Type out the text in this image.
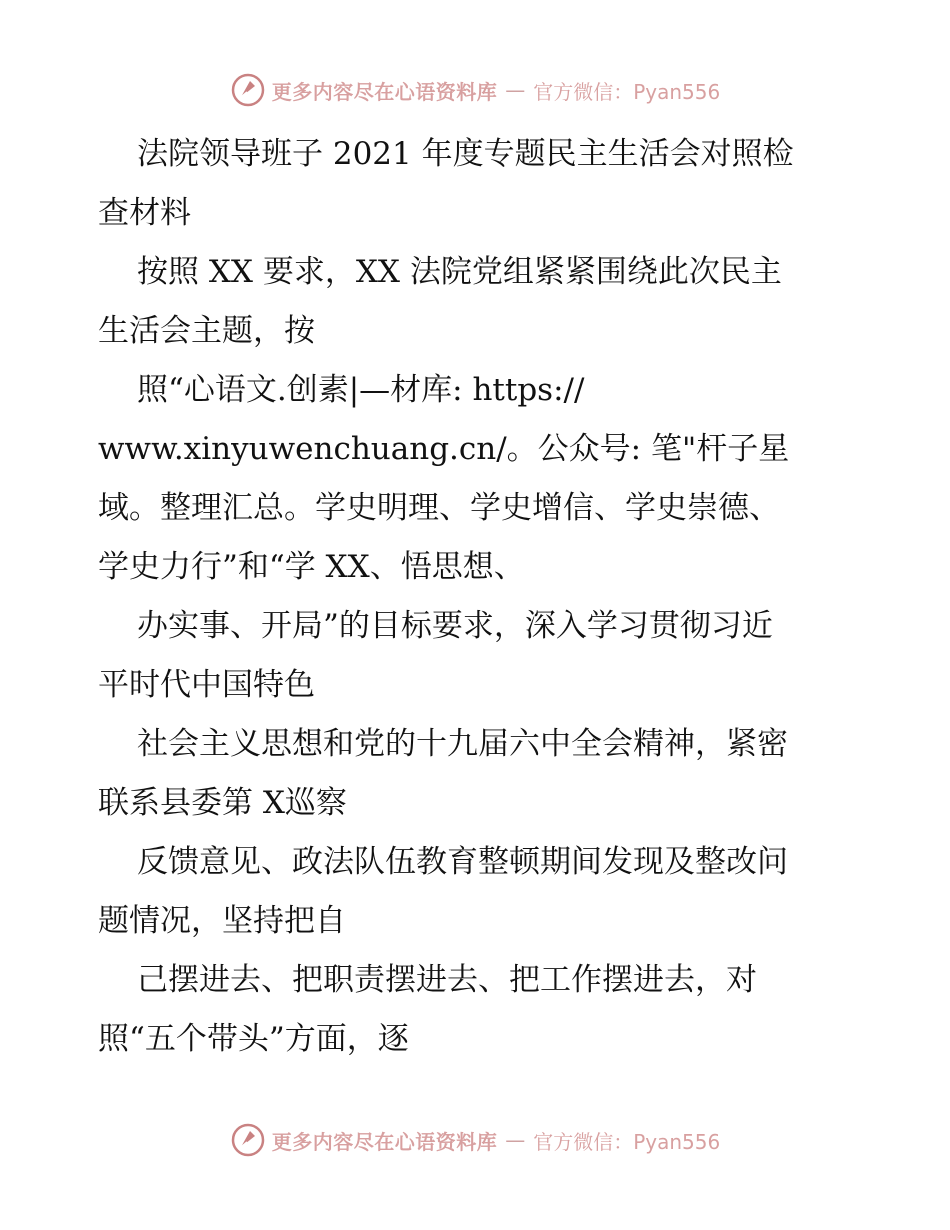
更多内容尽在心语资料库 — 官方微信：Pyan556
法院领导班子 2021 年度专题民主生活会对照检
查材料
按照 XX 要求，XX 法院党组紧紧围绕此次民主
生活会主题，按
照“心语文.创素|—材库: https://
www.xinyuwenchuang.cn/。公众号: 笔"杆子星
域。整理汇总。学史明理、学史增信、学史崇德、
学史力行”和“学 XX、悟思想、
办实事、开局”的目标要求，深入学习贯彻习近
平时代中国特色
社会主义思想和党的十九届六中全会精神，紧密
联系县委第 X巡察
反馈意见、政法队伍教育整顿期间发现及整改问
题情况，坚持把自
己摆进去、把职责摆进去、把工作摆进去，对
照“五个带头”方面，逐
更多内容尽在心语资料库 — 官方微信：Pyan556
